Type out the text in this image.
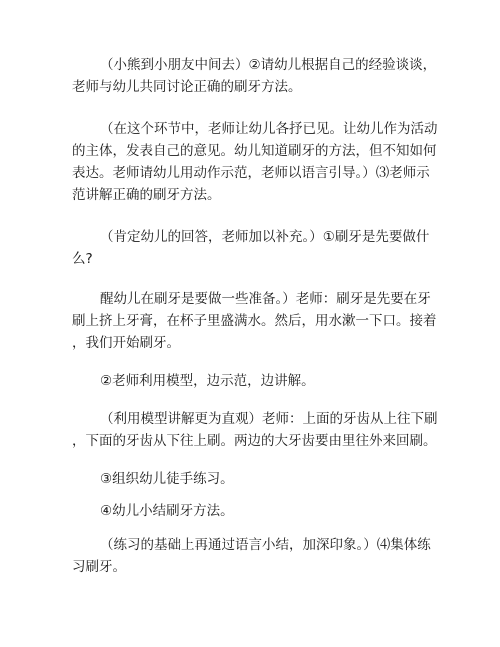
（小熊到小朋友中间去）②请幼儿根据自己的经验谈谈，
老师与幼儿共同讨论正确的刷牙方法。

（在这个环节中，老师让幼儿各抒已见。让幼儿作为活动
的主体，发表自己的意见。幼儿知道刷牙的方法，但不知如何
表达。老师请幼儿用动作示范，老师以语言引导。）⑶老师示
范讲解正确的刷牙方法。

（肯定幼儿的回答，老师加以补充。）①刷牙是先要做什
么?

醒幼儿在刷牙是要做一些准备。）老师：刷牙是先要在牙
刷上挤上牙膏，在杯子里盛满水。然后，用水漱一下口。接着
，我们开始刷牙。

②老师利用模型，边示范，边讲解。

（利用模型讲解更为直观）老师：上面的牙齿从上往下刷
，下面的牙齿从下往上刷。两边的大牙齿要由里往外来回刷。

③组织幼儿徒手练习。

④幼儿小结刷牙方法。

（练习的基础上再通过语言小结，加深印象。）⑷集体练
习刷牙。
